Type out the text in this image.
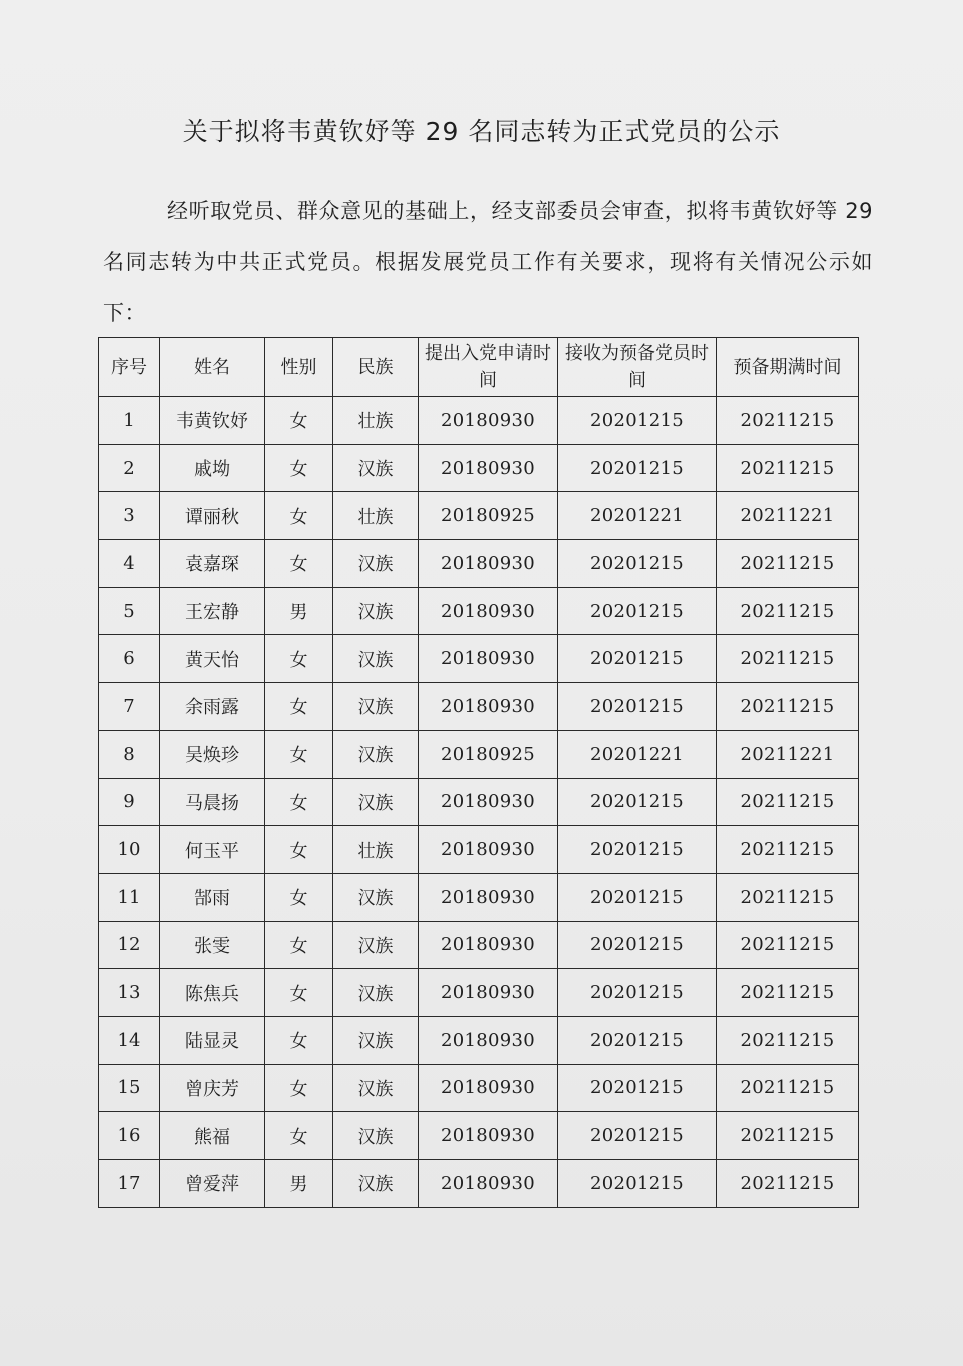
关于拟将韦黄钦妤等 29 名同志转为正式党员的公示

经听取党员、群众意见的基础上，经支部委员会审查，拟将韦黄钦妤等 29 名同志转为中共正式党员。根据发展党员工作有关要求，现将有关情况公示如下：

序号	姓名	性别	民族	提出入党申请时间	接收为预备党员时间	预备期满时间
1	韦黄钦妤	女	壮族	20180930	20201215	20211215
2	戚坳	女	汉族	20180930	20201215	20211215
3	谭丽秋	女	壮族	20180925	20201221	20211221
4	袁嘉琛	女	汉族	20180930	20201215	20211215
5	王宏静	男	汉族	20180930	20201215	20211215
6	黄天怡	女	汉族	20180930	20201215	20211215
7	余雨露	女	汉族	20180930	20201215	20211215
8	吴焕珍	女	汉族	20180925	20201221	20211221
9	马晨扬	女	汉族	20180930	20201215	20211215
10	何玉平	女	壮族	20180930	20201215	20211215
11	郜雨	女	汉族	20180930	20201215	20211215
12	张雯	女	汉族	20180930	20201215	20211215
13	陈焦兵	女	汉族	20180930	20201215	20211215
14	陆显灵	女	汉族	20180930	20201215	20211215
15	曾庆芳	女	汉族	20180930	20201215	20211215
16	熊福	女	汉族	20180930	20201215	20211215
17	曾爱萍	男	汉族	20180930	20201215	20211215
